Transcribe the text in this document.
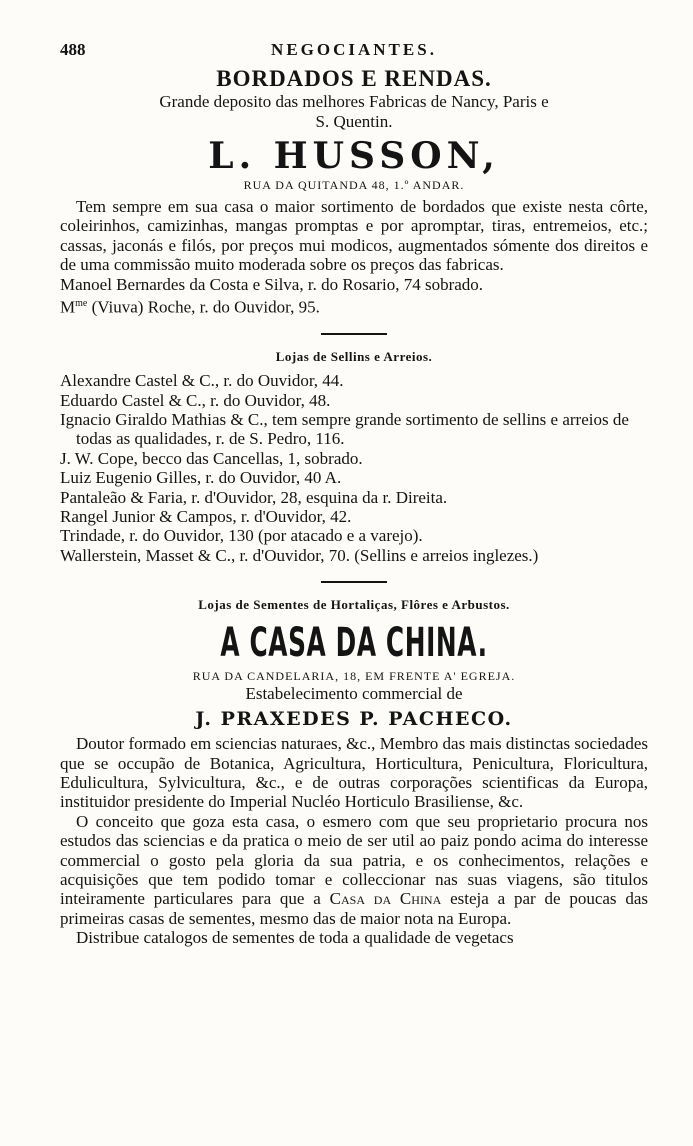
488	NEGOCIANTES.
BORDADOS E RENDAS.
Grande deposito das melhores Fabricas de Nancy, Paris e
S. Quentin.
L. HUSSON,
RUA DA QUITANDA 48, 1.º ANDAR.

Tem sempre em sua casa o maior sortimento de bordados que existe nesta côrte, coleirinhos, camizinhas, mangas promptas e por apromptar, tiras, entremeios, etc.; cassas, jaconás e filós, por preços mui modicos, augmentados sómente dos direitos e de uma commissão muito moderada sobre os preços das fabricas.

Manoel Bernardes da Costa e Silva, r. do Rosario, 74 sobrado.
$M^{me}$ (Viuva) Roche, r. do Ouvidor, 95.
Lojas de Sellins e Arreios.
Alexandre Castel & C., r. do Ouvidor, 44.
Eduardo Castel & C., r. do Ouvidor, 48.
Ignacio Giraldo Mathias & C., tem sempre grande sortimento de sellins e arreios de todas as qualidades, r. de S. Pedro, 116.
J. W. Cope, becco das Cancellas, 1, sobrado.
Luiz Eugenio Gilles, r. do Ouvidor, 40 A.
Pantaleão & Faria, r. d'Ouvidor, 28, esquina da r. Direita.
Rangel Junior & Campos, r. d'Ouvidor, 42.
Trindade, r. do Ouvidor, 130 (por atacado e a varejo).
Wallerstein, Masset & C., r. d'Ouvidor, 70. (Sellins e arreios inglezes.)
Lojas de Sementes de Hortaliças, Flôres e Arbustos.
A CASA DA CHINA.
RUA DA CANDELARIA, 18, EM FRENTE A' EGREJA.
Estabelecimento commercial de
J. PRAXEDES P. PACHECO.

Doutor formado em sciencias naturaes, &c., Membro das mais distinctas sociedades que se occupão de Botanica, Agricultura, Horticultura, Penicultura, Floricultura, Edulicultura, Sylvicultura, &c., e de outras corporações scientificas da Europa, instituidor presidente do Imperial Nucléo Horticulo Brasiliense, &c.

O conceito que goza esta casa, o esmero com que seu proprietario procura nos estudos das sciencias e da pratica o meio de ser util ao paiz pondo acima do interesse commercial o gosto pela gloria da sua patria, e os conhecimentos, relações e acquisições que tem podido tomar e colleccionar nas suas viagens, são titulos inteiramente particulares para que a Casa da China esteja a par de poucas das primeiras casas de sementes, mesmo das de maior nota na Europa.

Distribue catalogos de sementes de toda a qualidade de vegetacs
